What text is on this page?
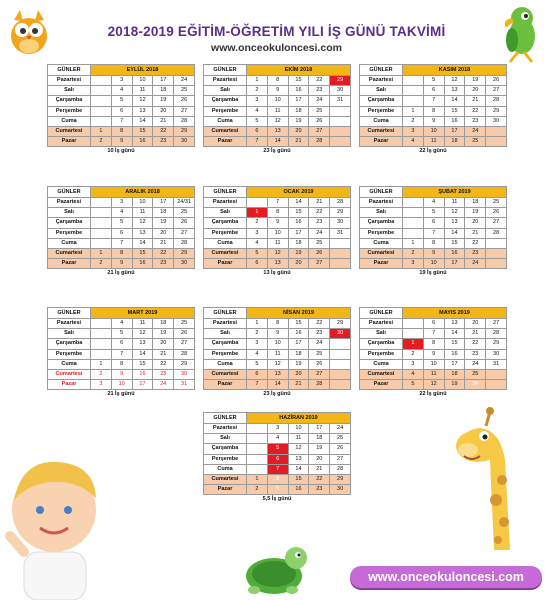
2018-2019 EĞİTİM-ÖĞRETİM YILI İŞ GÜNÜ TAKVİMİ
www.onceokuloncesi.com
GÜNLER	EYLÜL 2018				
Pazartesi		3	10	17	24
Salı		4	11	18	25
Çarşamba		5	12	19	26
Perşembe		6	13	20	27
Cuma		7	14	21	28
Cumartesi	1	8	15	22	29
Pazar	2	9	16	23	30
10 İş günü					
GÜNLER	EKİM 2018				
Pazartesi	1	8	15	22	29
Salı	2	9	16	23	30
Çarşamba	3	10	17	24	31
Perşembe	4	11	18	25	
Cuma	5	12	19	26	
Cumartesi	6	13	20	27	
Pazar	7	14	21	28	
23 İş günü					
GÜNLER	KASIM 2018				
Pazartesi		5	12	19	26
Salı		6	13	20	27
Çarşamba		7	14	21	28
Perşembe	1	8	15	22	29
Cuma	2	9	16	23	30
Cumartesi	3	10	17	24	
Pazar	4	11	18	25	
22 İş günü					
GÜNLER	ARALIK 2018				
Pazartesi		3	10	17	24/31
Salı		4	11	18	25
Çarşamba		5	12	19	26
Perşembe		6	13	20	27
Cuma		7	14	21	28
Cumartesi	1	8	15	22	29
Pazar	2	9	16	23	30
21 İş günü					
GÜNLER	OCAK 2019				
Pazartesi		7	14	21	28
Salı	1	8	15	22	29
Çarşamba	2	9	16	23	30
Perşembe	3	10	17	24	31
Cuma	4	11	18	25	
Cumartesi	5	12	19	26	
Pazar	6	13	20	27	
13 İş günü					
GÜNLER	ŞUBAT 2019				
Pazartesi		4	11	18	25
Salı		5	12	19	26
Çarşamba		6	13	20	27
Perşembe		7	14	21	28
Cuma	1	8	15	22	
Cumartesi	2	9	16	23	
Pazar	3	10	17	24	
19 İş günü					
GÜNLER	MART 2019				
Pazartesi		4	11	18	25
Salı		5	12	19	26
Çarşamba		6	13	20	27
Perşembe		7	14	21	28
Cuma	1	8	15	22	29
Cumartesi	2	9	16	23	30
Pazar	3	10	17	24	31
21 İş günü					
GÜNLER	NİSAN 2019				
Pazartesi	1	8	15	22	29
Salı	2	9	16	23	30
Çarşamba	3	10	17	24	
Perşembe	4	11	18	25	
Cuma	5	12	19	26	
Cumartesi	6	13	20	27	
Pazar	7	14	21	28	
23 İş günü					
GÜNLER	MAYIS 2019				
Pazartesi		6	13	20	27
Salı		7	14	21	28
Çarşamba	1	8	15	22	29
Perşembe	2	9	16	23	30
Cuma	3	10	17	24	31
Cumartesi	4	11	18	25	
Pazar	5	12	19	26	
22 İş günü					
GÜNLER	HAZİRAN 2019				
Pazartesi		3	10	17	24
Salı		4	11	18	25
Çarşamba		5	12	19	26
Perşembe		6	13	20	27
Cuma		7	14	21	28
Cumartesi	1	8	15	22	29
Pazar	2	9	16	23	30
5,5 İş günü					
www.onceokuloncesi.com
